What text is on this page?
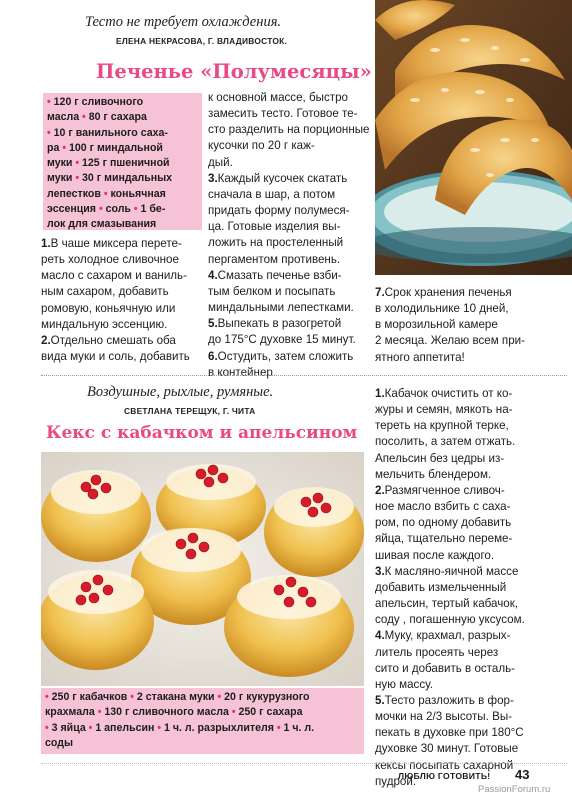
Тесто не требует охлаждения.
ЕЛЕНА НЕКРАСОВА, Г. ВЛАДИВОСТОК.
Печенье «Полумесяцы»
• 120 г сливочного
масла • 80 г сахара
• 10 г ванильного саха-
ра • 100 г миндальной
муки • 125 г пшеничной
муки • 30 г миндальных
лепестков • коньячная
эссенция • соль • 1 бе-
лок для смазывания
1.В чаше миксера перете-
реть холодное сливочное
масло с сахаром и ваниль-
ным сахаром, добавить
ромовую, коньячную или
миндальную эссенцию.
2.Отдельно смешать оба
вида муки и соль, добавить
к основной массе, быстро
замесить тесто. Готовое те-
сто разделить на порционные
кусочки по 20 г каж-
дый.
3.Каждый кусочек скатать
сначала в шар, а потом
придать форму полумеся-
ца. Готовые изделия вы-
ложить на простеленный
пергаментом противень.
4.Смазать печенье взби-
тым белком и посыпать
миндальными лепестками.
5.Выпекать в разогретой
до 175°С духовке 15 минут.
6.Остудить, затем сложить
в контейнер.
7.Срок хранения печенья
в холодильнике 10 дней,
в морозильной камере
2 месяца. Желаю всем при-
ятного аппетита!
Воздушные, рыхлые, румяные.
СВЕТЛАНА ТЕРЕЩУК, Г. ЧИТА
Кекс с кабачком и апельсином
• 250 г кабачков • 2 стакана муки • 20 г кукурузного
крахмала • 130 г сливочного масла • 250 г сахара
• 3 яйца • 1 апельсин • 1 ч. л. разрыхлителя • 1 ч. л.
соды
1.Кабачок очистить от ко-
журы и семян, мякоть на-
тереть на крупной терке,
посолить, а затем отжать.
Апельсин без цедры из-
мельчить блендером.
2.Размягченное сливоч-
ное масло взбить с саха-
ром, по одному добавить
яйца, тщательно переме-
шивая после каждого.
3.К масляно-яичной массе
добавить измельченный
апельсин, тертый кабачок,
соду , погашенную уксусом.
4.Муку, крахмал, разрых-
литель просеять через
сито и добавить в осталь-
ную массу.
5.Тесто разложить в фор-
мочки на 2/3 высоты. Вы-
пекать в духовке при 180°С
духовке 30 минут. Готовые
кексы посыпать сахарной
пудрой.
ЛЮБЛЮ ГОТОВИТЬ! 43
PassionForum.ru
